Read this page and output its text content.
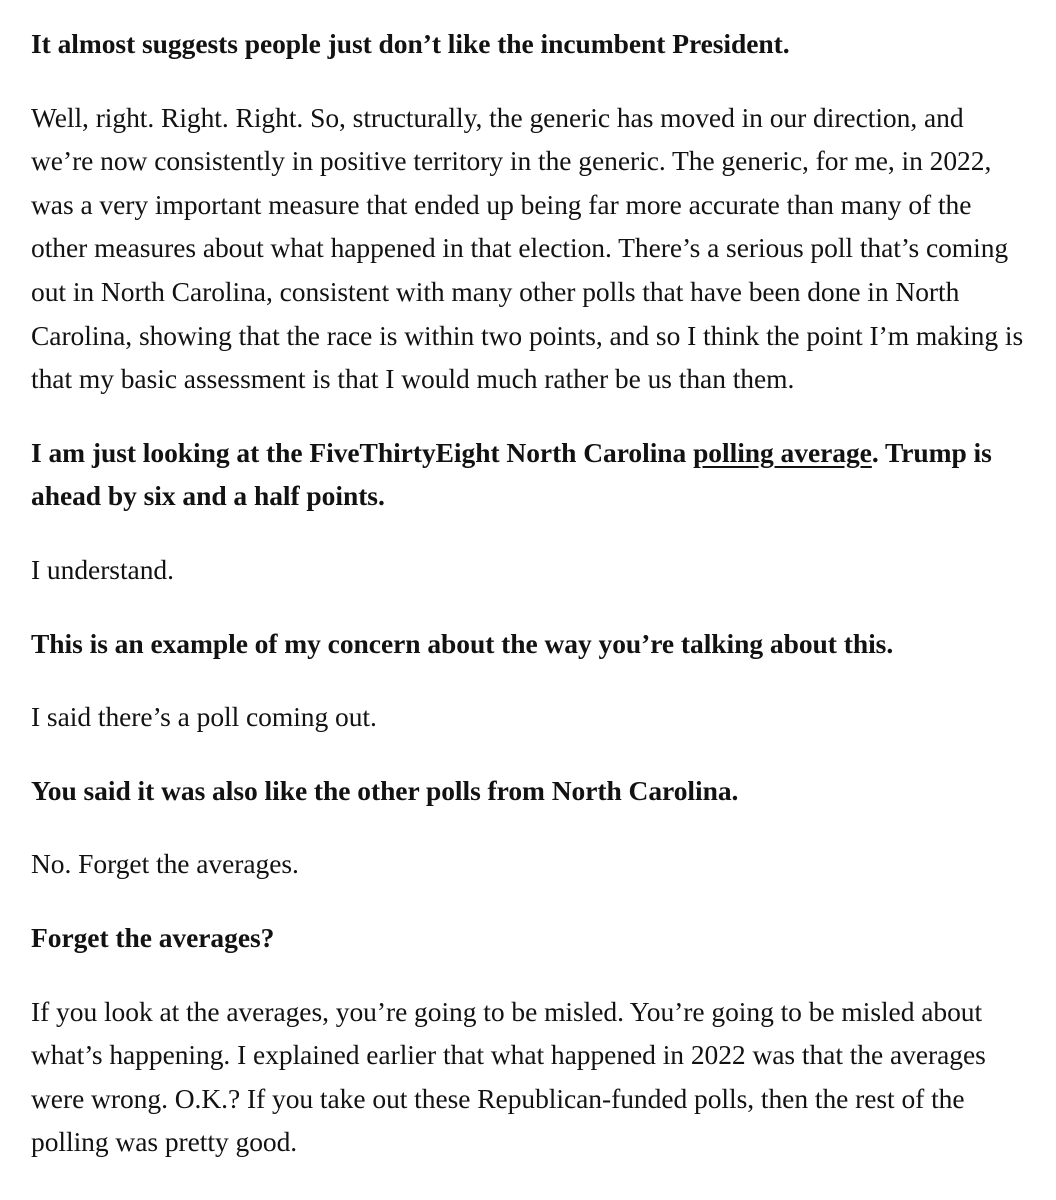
It almost suggests people just don’t like the incumbent President.

Well, right. Right. Right. So, structurally, the generic has moved in our direction, and we’re now consistently in positive territory in the generic. The generic, for me, in 2022, was a very important measure that ended up being far more accurate than many of the other measures about what happened in that election. There’s a serious poll that’s coming out in North Carolina, consistent with many other polls that have been done in North Carolina, showing that the race is within two points, and so I think the point I’m making is that my basic assessment is that I would much rather be us than them.

I am just looking at the FiveThirtyEight North Carolina polling average. Trump is ahead by six and a half points.

I understand.

This is an example of my concern about the way you’re talking about this.

I said there’s a poll coming out.

You said it was also like the other polls from North Carolina.

No. Forget the averages.

Forget the averages?

If you look at the averages, you’re going to be misled. You’re going to be misled about what’s happening. I explained earlier that what happened in 2022 was that the averages were wrong. O.K.? If you take out these Republican-funded polls, then the rest of the polling was pretty good.
